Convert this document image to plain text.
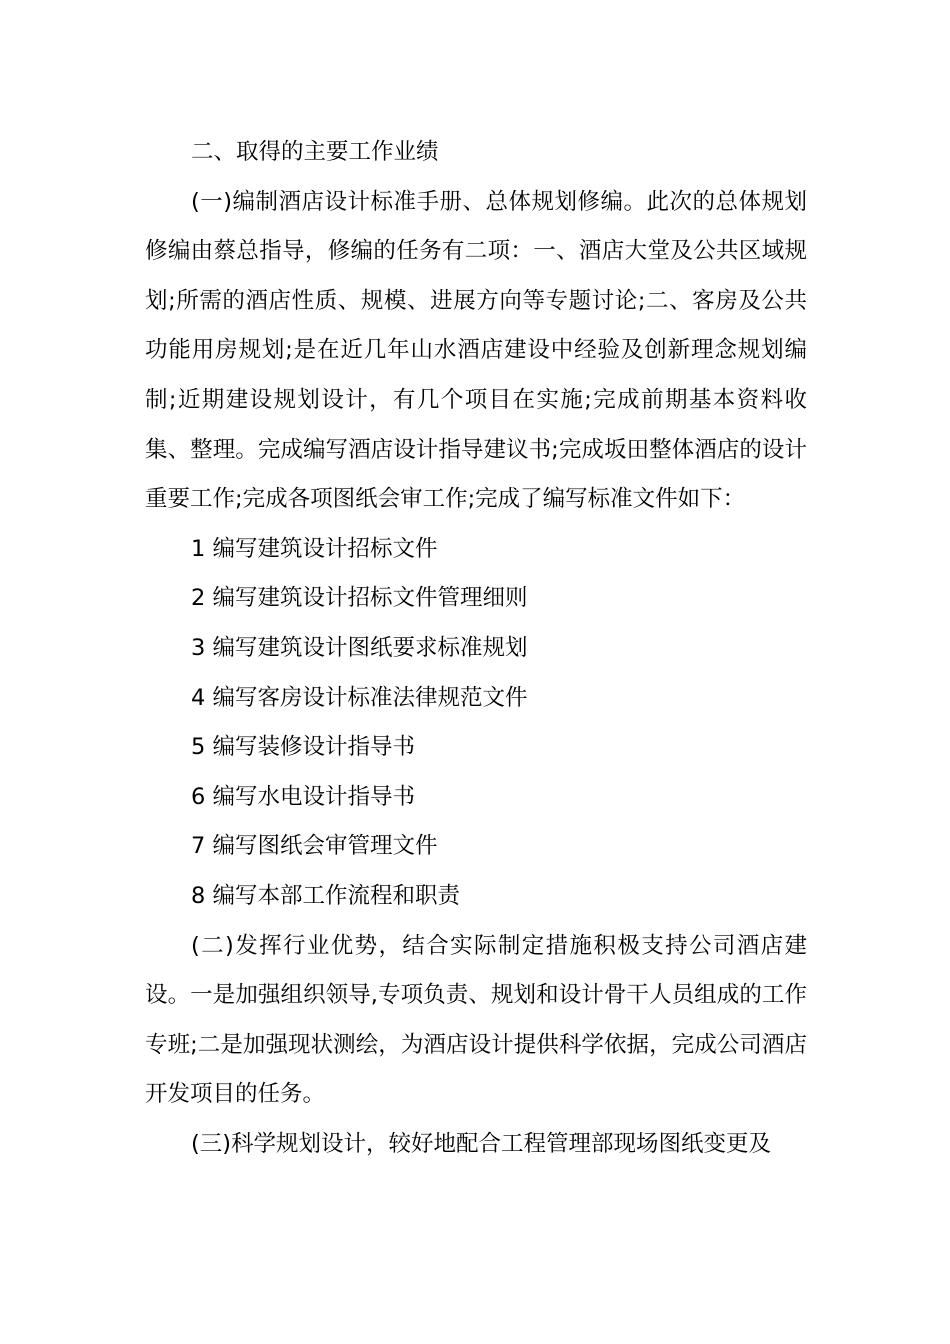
二、取得的主要工作业绩

(一)编制酒店设计标准手册、总体规划修编。此次的总体规划修编由蔡总指导，修编的任务有二项：一、酒店大堂及公共区域规划;所需的酒店性质、规模、进展方向等专题讨论;二、客房及公共功能用房规划;是在近几年山水酒店建设中经验及创新理念规划编制;近期建设规划设计，有几个项目在实施;完成前期基本资料收集、整理。完成编写酒店设计指导建议书;完成坂田整体酒店的设计重要工作;完成各项图纸会审工作;完成了编写标准文件如下：

1 编写建筑设计招标文件

2 编写建筑设计招标文件管理细则

3 编写建筑设计图纸要求标准规划

4 编写客房设计标准法律规范文件

5 编写装修设计指导书

6 编写水电设计指导书

7 编写图纸会审管理文件

8 编写本部工作流程和职责

(二)发挥行业优势，结合实际制定措施积极支持公司酒店建设。一是加强组织领导,专项负责、规划和设计骨干人员组成的工作专班;二是加强现状测绘，为酒店设计提供科学依据，完成公司酒店开发项目的任务。

(三)科学规划设计，较好地配合工程管理部现场图纸变更及
